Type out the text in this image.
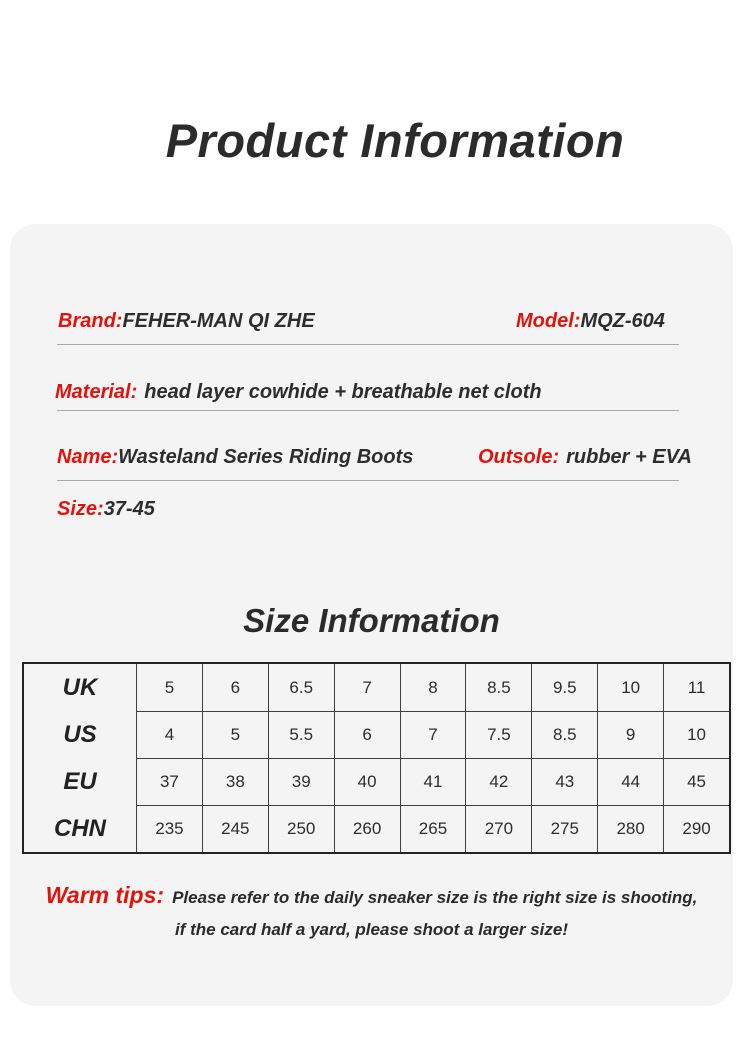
Product Information
Brand:FEHER-MAN QI ZHE	Model:MQZ-604
Material: head layer cowhide + breathable net cloth
Name:Wasteland Series Riding Boots	Outsole: rubber + EVA
Size:37-45
Size Information
UK	5	6	6.5	7	8	8.5	9.5	10	11
US	4	5	5.5	6	7	7.5	8.5	9	10
EU	37	38	39	40	41	42	43	44	45
CHN	235	245	250	260	265	270	275	280	290
Warm tips: Please refer to the daily sneaker size is the right size is shooting,
if the card half a yard, please shoot a larger size!
